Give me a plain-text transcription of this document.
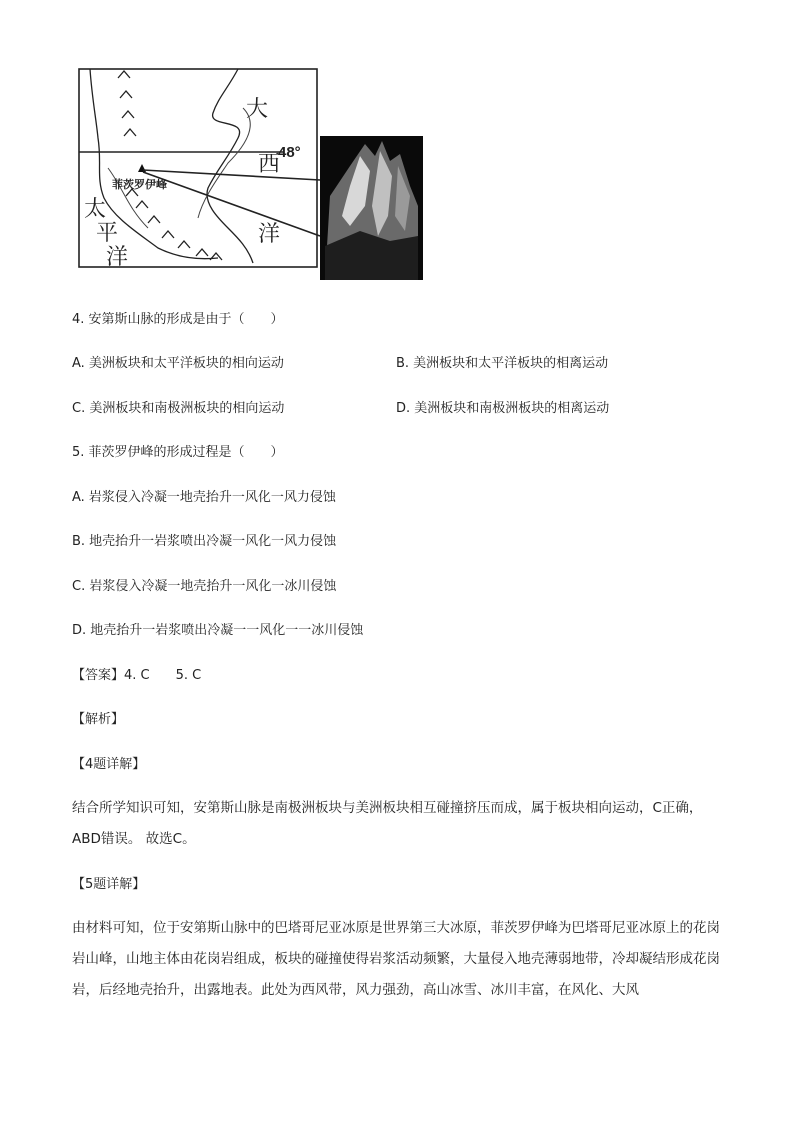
大
48°
西
洋
菲茨罗伊峰
太
平
洋
4. 安第斯山脉的形成是由于（　　）
A. 美洲板块和太平洋板块的相向运动	B. 美洲板块和太平洋板块的相离运动
C. 美洲板块和南极洲板块的相向运动	D. 美洲板块和南极洲板块的相离运动
5. 菲茨罗伊峰的形成过程是（　　）
A. 岩浆侵入冷凝一地壳抬升一风化一风力侵蚀
B. 地壳抬升一岩浆喷出冷凝一风化一风力侵蚀
C. 岩浆侵入冷凝一地壳抬升一风化一冰川侵蚀
D. 地壳抬升一岩浆喷出冷凝一一风化一一冰川侵蚀
【答案】4. C　　5. C
【解析】
【4题详解】
结合所学知识可知，安第斯山脉是南极洲板块与美洲板块相互碰撞挤压而成，属于板块相向运动，C正确，ABD错误。 故选C。
【5题详解】
由材料可知，位于安第斯山脉中的巴塔哥尼亚冰原是世界第三大冰原，菲茨罗伊峰为巴塔哥尼亚冰原上的花岗岩山峰，山地主体由花岗岩组成，板块的碰撞使得岩浆活动频繁，大量侵入地壳薄弱地带，冷却凝结形成花岗岩，后经地壳抬升，出露地表。此处为西风带，风力强劲，高山冰雪、冰川丰富，在风化、大风
